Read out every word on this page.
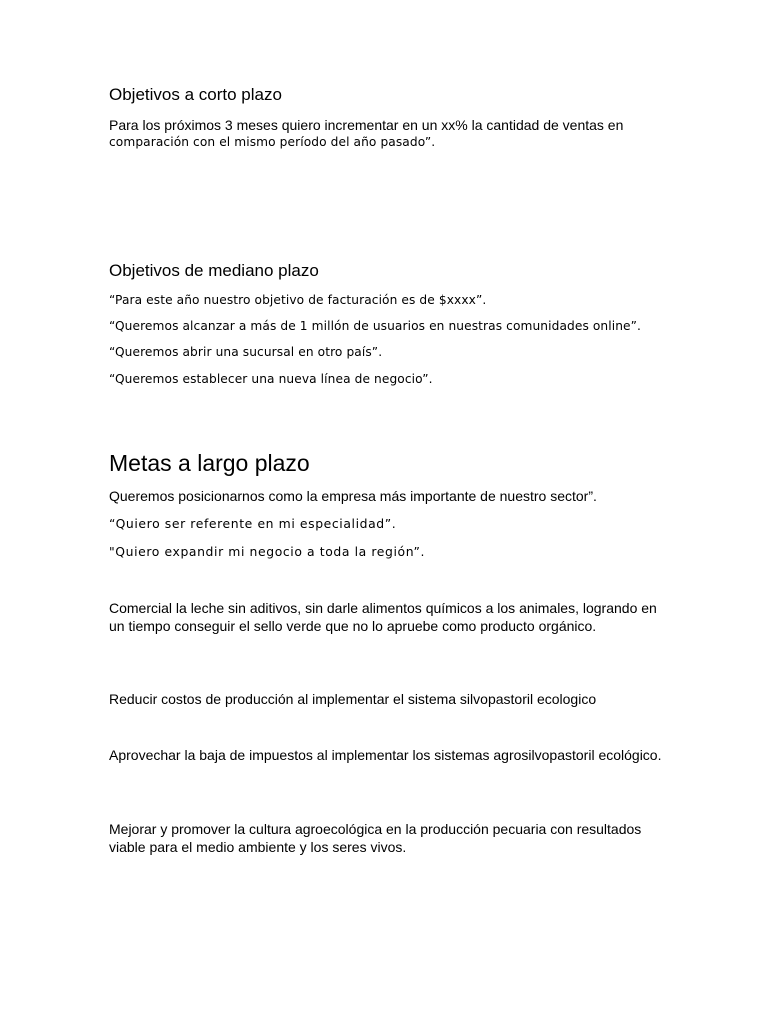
Objetivos a corto plazo

Para los próximos 3 meses quiero incrementar en un xx% la cantidad de ventas en

comparación con el mismo período del año pasado”.

Objetivos de mediano plazo

“Para este año nuestro objetivo de facturación es de $xxxx”.

“Queremos alcanzar a más de 1 millón de usuarios en nuestras comunidades online”.

“Queremos abrir una sucursal en otro país”.

“Queremos establecer una nueva línea de negocio”.

Metas a largo plazo

Queremos posicionarnos como la empresa más importante de nuestro sector”.

“Quiero ser referente en mi especialidad”.

"Quiero expandir mi negocio a toda la región”.

Comercial la leche sin aditivos, sin darle alimentos químicos a los animales, logrando en un tiempo conseguir el sello verde que no lo apruebe como producto orgánico.

Reducir costos de producción al implementar el sistema silvopastoril ecologico

Aprovechar la baja de impuestos al implementar los sistemas agrosilvopastoril ecológico.

Mejorar y promover la cultura agroecológica en la producción pecuaria con resultados viable para el medio ambiente y los seres vivos.
